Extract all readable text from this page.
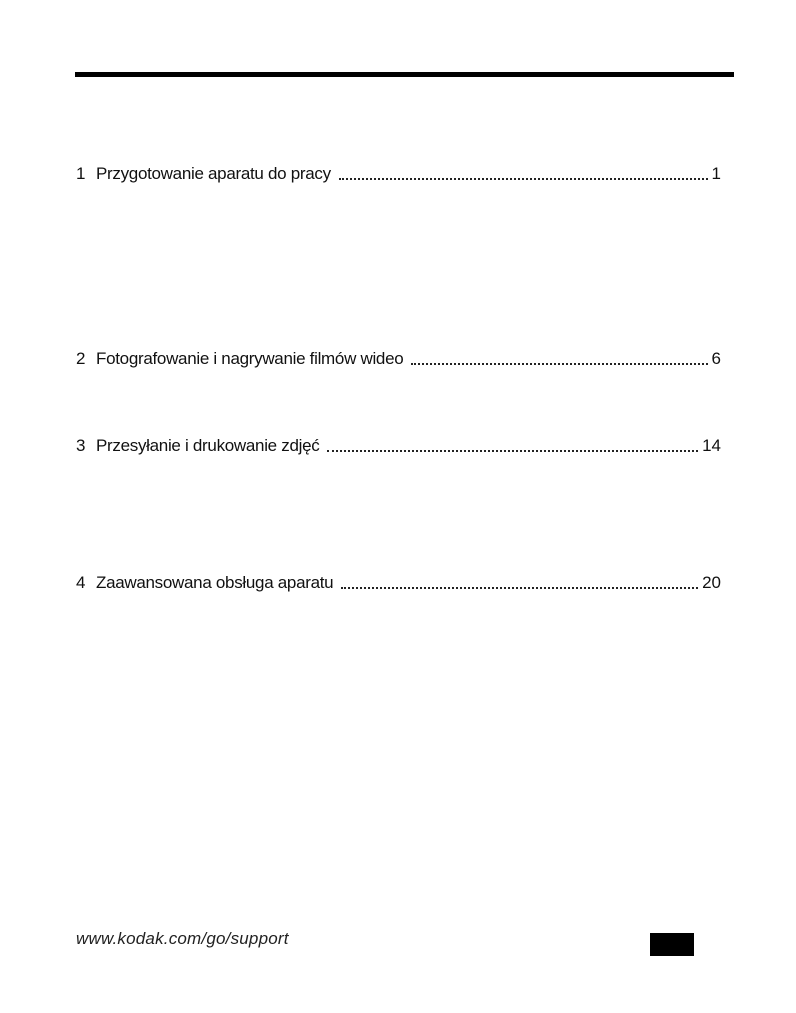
1 Przygotowanie aparatu do pracy	1
2 Fotografowanie i nagrywanie filmów wideo	6
3 Przesyłanie i drukowanie zdjęć	14
4 Zaawansowana obsługa aparatu	20
www.kodak.com/go/support
